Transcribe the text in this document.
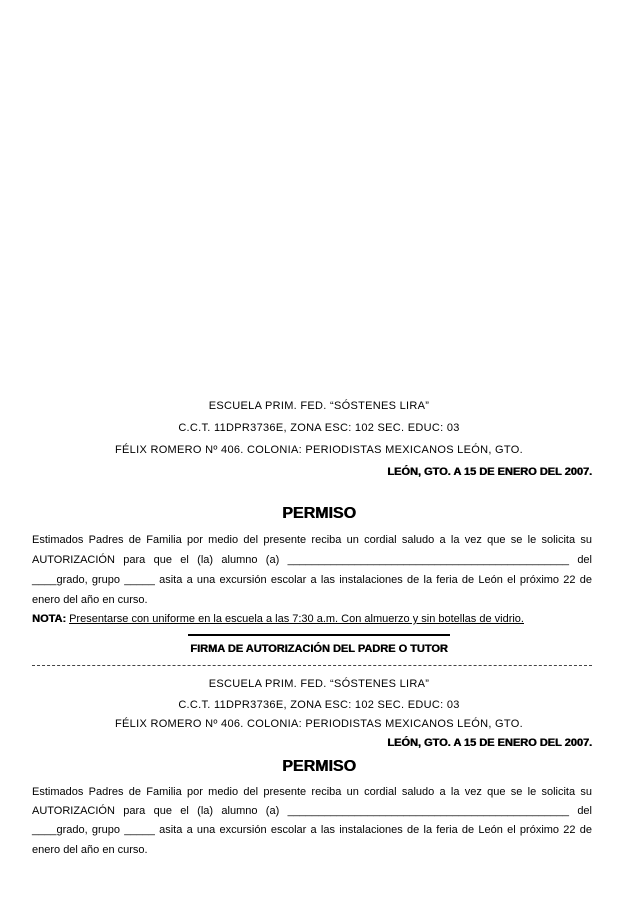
ESCUELA PRIM. FED. “SÓSTENES LIRA”
C.C.T. 11DPR3736E, ZONA ESC: 102 SEC. EDUC: 03
FÉLIX ROMERO Nº 406. COLONIA: PERIODISTAS MEXICANOS LEÓN, GTO.
LEÓN, GTO. A 15 DE ENERO DEL 2007.
PERMISO
Estimados Padres de Familia por medio del presente reciba un cordial saludo a la vez que se le solicita su
AUTORIZACIÓN para que el (la) alumno (a) ______________________________________________ del
____grado, grupo _____ asita a una excursión escolar a las instalaciones de la feria de León el próximo 22 de
enero del año en curso.
NOTA: Presentarse con uniforme en la escuela a las 7:30 a.m. Con almuerzo y sin botellas de vidrio.
FIRMA DE AUTORIZACIÓN DEL PADRE O TUTOR
ESCUELA PRIM. FED. “SÓSTENES LIRA”
C.C.T. 11DPR3736E, ZONA ESC: 102 SEC. EDUC: 03
FÉLIX ROMERO Nº 406. COLONIA: PERIODISTAS MEXICANOS LEÓN, GTO.
LEÓN, GTO. A 15 DE ENERO DEL 2007.
PERMISO
Estimados Padres de Familia por medio del presente reciba un cordial saludo a la vez que se le solicita su
AUTORIZACIÓN para que el (la) alumno (a) ______________________________________________ del
____grado, grupo _____ asita a una excursión escolar a las instalaciones de la feria de León el próximo 22 de
enero del año en curso.
